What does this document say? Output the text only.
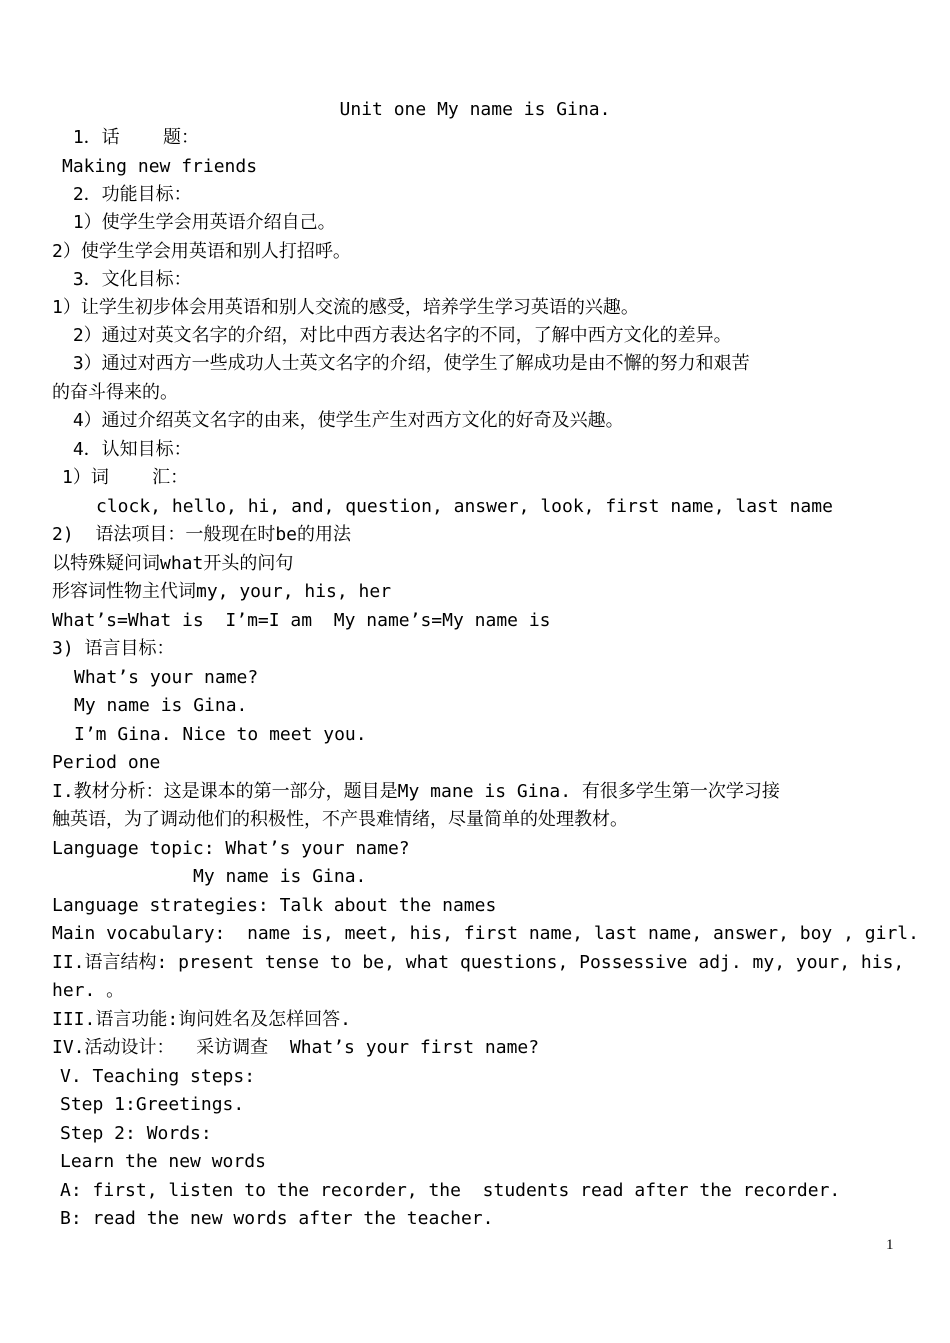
Unit one My name is Gina.
1．话    题：
Making new friends
2．功能目标：
1）使学生学会用英语介绍自己。
2）使学生学会用英语和别人打招呼。
3．文化目标：
1）让学生初步体会用英语和别人交流的感受，培养学生学习英语的兴趣。
2）通过对英文名字的介绍，对比中西方表达名字的不同，了解中西方文化的差异。
3）通过对西方一些成功人士英文名字的介绍，使学生了解成功是由不懈的努力和艰苦
的奋斗得来的。
4）通过介绍英文名字的由来，使学生产生对西方文化的好奇及兴趣。
4．认知目标：
1）词    汇：
clock, hello, hi, and, question, answer, look, first name, last name
2)  语法项目：一般现在时be的用法
以特殊疑问词what开头的问句
形容词性物主代词my, your, his, her
What’s=What is  I’m=I am  My name’s=My name is
3) 语言目标：
What’s your name?
My name is Gina.
I’m Gina. Nice to meet you.
Period one
I.教材分析：这是课本的第一部分，题目是My mane is Gina. 有很多学生第一次学习接
触英语，为了调动他们的积极性，不产畏难情绪，尽量简单的处理教材。
Language topic: What’s your name?
My name is Gina.
Language strategies: Talk about the names
Main vocabulary:  name is, meet, his, first name, last name, answer, boy , girl.
II.语言结构: present tense to be, what questions, Possessive adj. my, your, his,
her. 。
III.语言功能:询问姓名及怎样回答.
IV.活动设计：  采访调查  What’s your first name?
V. Teaching steps:
Step 1:Greetings.
Step 2: Words:
Learn the new words
A: first, listen to the recorder, the  students read after the recorder.
B: read the new words after the teacher.
1
